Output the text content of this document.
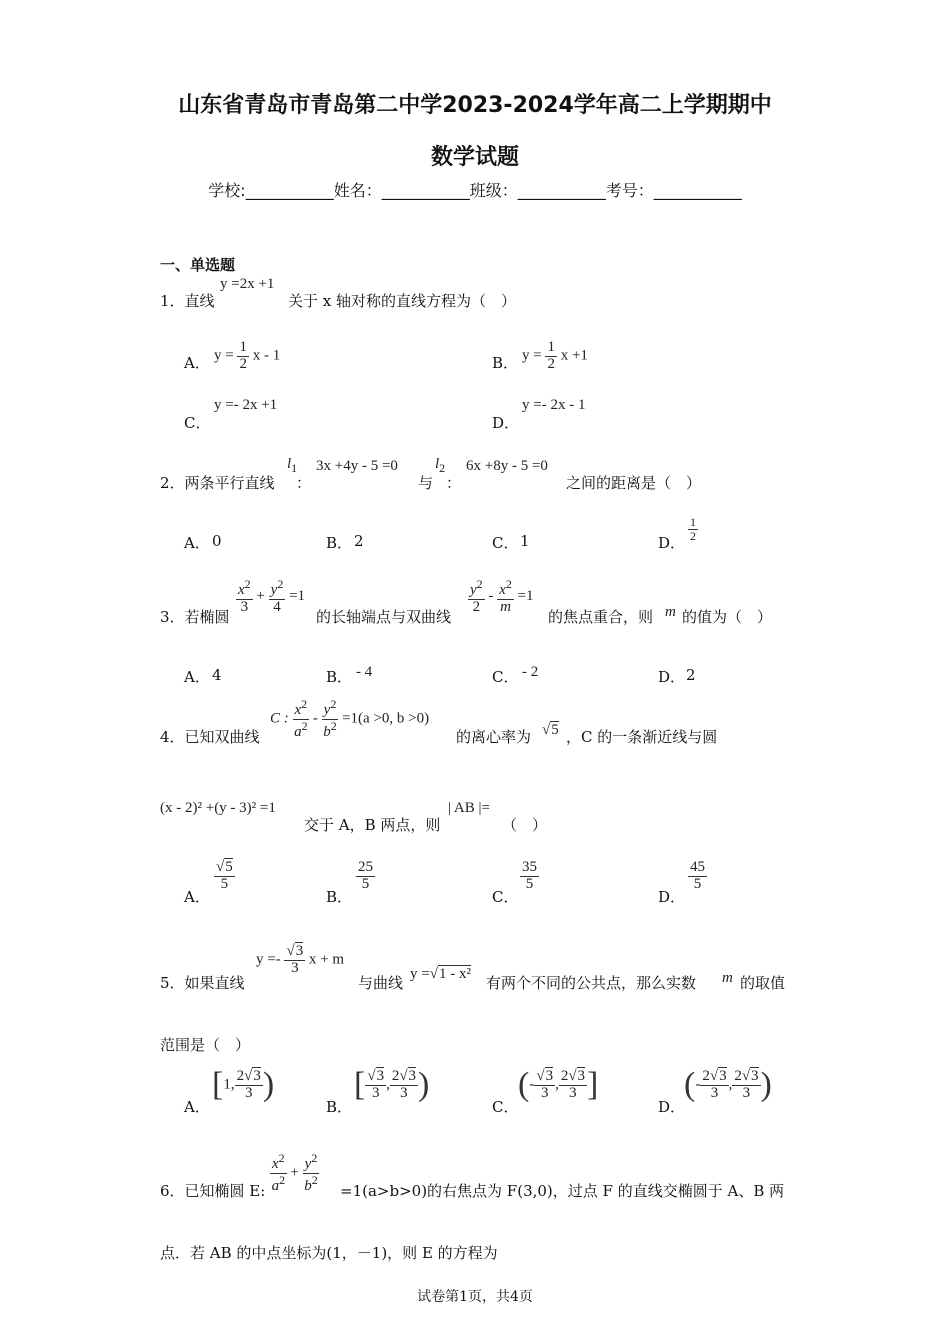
山东省青岛市青岛第二中学2023-2024学年高二上学期期中
数学试题
学校:___________姓名：___________班级：___________考号：___________
一、单选题
1．直线
y =2x +1
关于 x 轴对称的直线方程为（　）
A． $y = \frac{1}{2}$ x - 1	B． $y = \frac{1}{2}$ x +1
C．
y =- 2x +1
D．
y =- 2x - 1
2．两条平行直线
$l_1$
：
3x +4y - 5 =0
与
$l_2$
：
6x +8y - 5 =0
之间的距离是（　）
A． 0	B． 2	C． 1	D．
$\frac{1}{2}$
3．若椭圆
$\frac{x^2}{3} + \frac{y^2}{4} =1$
的长轴端点与双曲线
$\frac{y^2}{2} - \frac{x^2}{m} =1$
的焦点重合，则 m 的值为（　）
A． 4	B． - 4	C． - 2	D． 2
4．已知双曲线
C : $\frac{x^2}{a^2} - \frac{y^2}{b^2} =1(a >0$, b >0)
的离心率为 √5 ，C 的一条渐近线与圆
(x - 2)² +(y - 3)² =1
交于 A，B 两点，则
| AB |=
（　）
A．
$\frac{√5}{5}$
B．
$\frac{25}{5}$
C．
$\frac{35}{5}$
D．
$\frac{45}{5}$
5．如果直线
$y =- \frac{√3}{3}$ x + m
与曲线 y =√1 - x² 有两个不同的公共点，那么实数 m 的取值
范围是（　）
A．
[1, $\frac{2√3}{3}$ )
B．
[ $\frac{√3}{3}$ , $\frac{2√3}{3}$ )
C．
(- $\frac{√3}{3}$ , $\frac{2√3}{3}$ ]
D．
(- $\frac{2√3}{3}$ , $\frac{2√3}{3}$ )
6．已知椭圆 E: $\frac{x^2}{a^2} + \frac{y^2}{b^2} =1(a>b>0)$的右焦点为 F(3,0)，过点 F 的直线交椭圆于 A、B 两
点．若 AB 的中点坐标为(1，－1)，则 E 的方程为
试卷第1页，共4页
